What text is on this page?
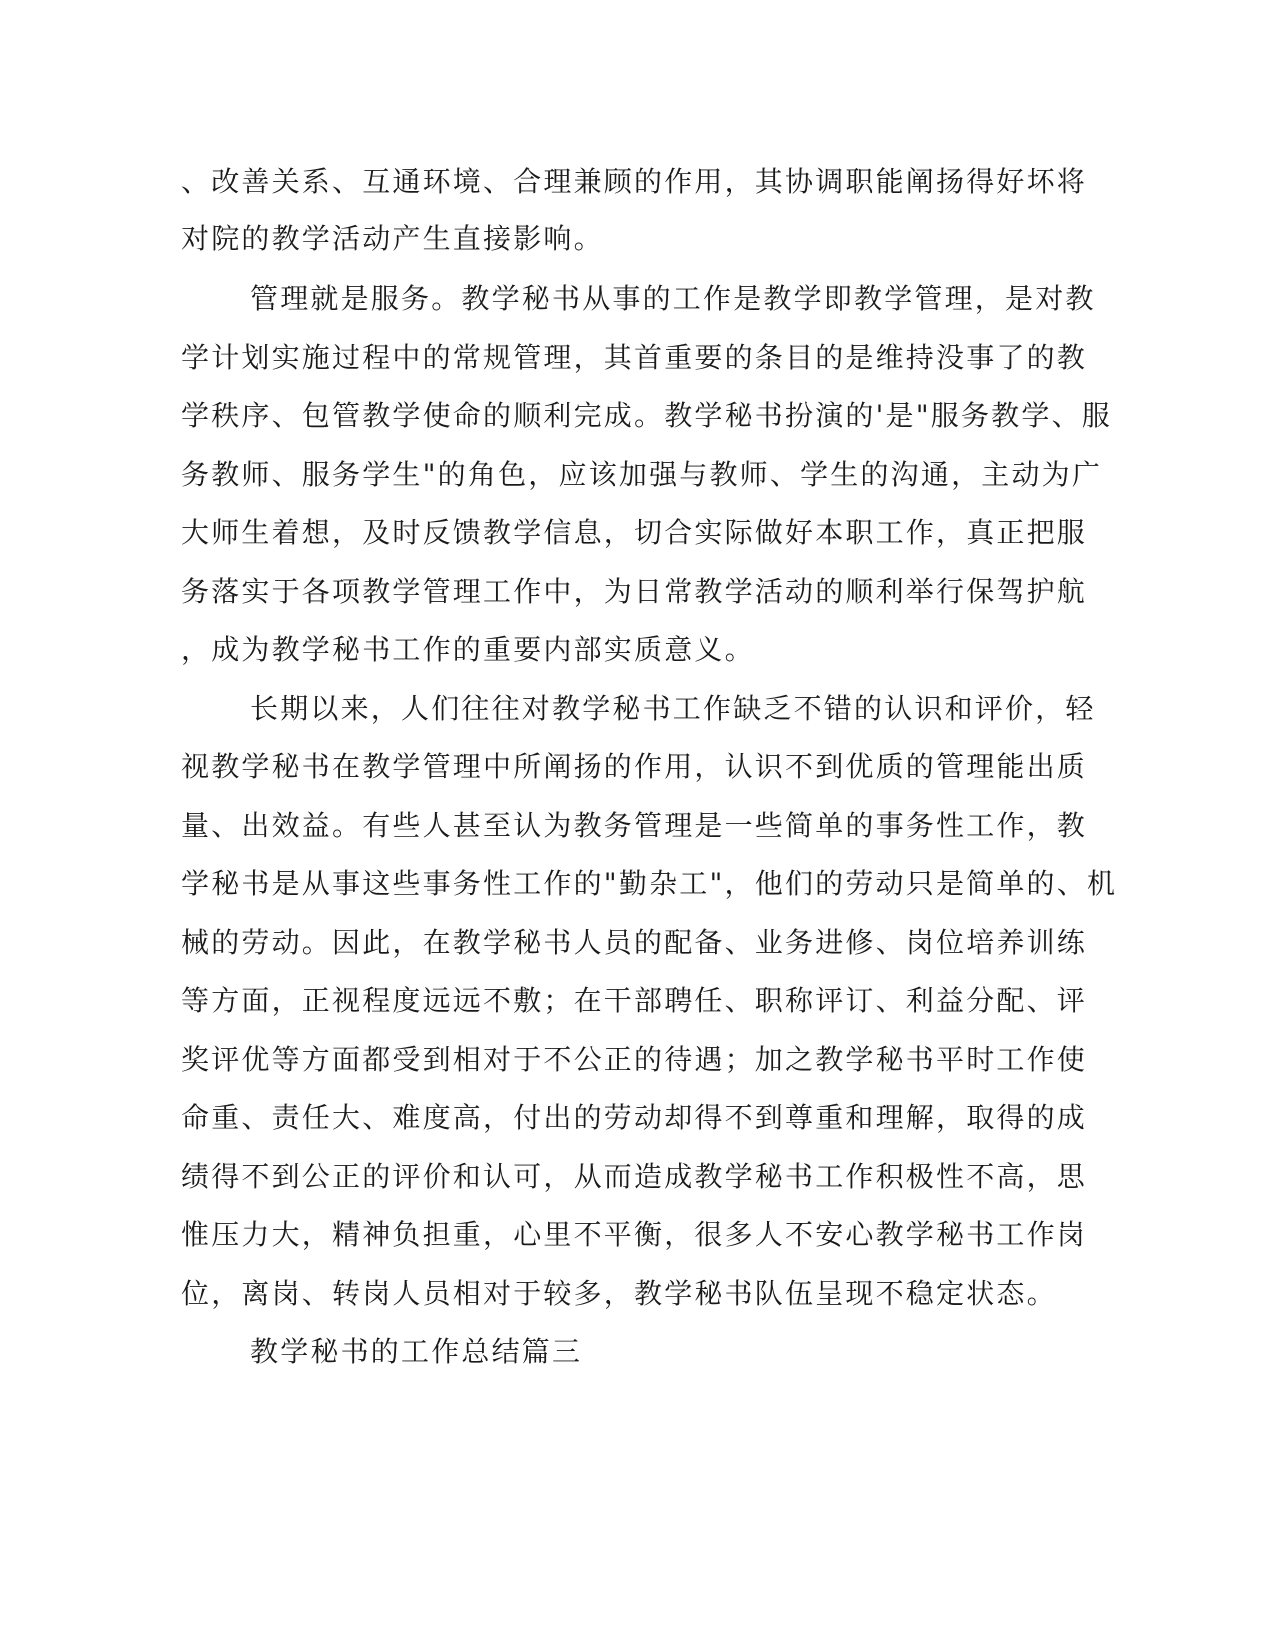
、改善关系、互通环境、合理兼顾的作用，其协调职能阐扬得好坏将
对院的教学活动产生直接影响。
管理就是服务。教学秘书从事的工作是教学即教学管理，是对教
学计划实施过程中的常规管理，其首重要的条目的是维持没事了的教
学秩序、包管教学使命的顺利完成。教学秘书扮演的'是"服务教学、服
务教师、服务学生"的角色，应该加强与教师、学生的沟通，主动为广
大师生着想，及时反馈教学信息，切合实际做好本职工作，真正把服
务落实于各项教学管理工作中，为日常教学活动的顺利举行保驾护航
，成为教学秘书工作的重要内部实质意义。
长期以来，人们往往对教学秘书工作缺乏不错的认识和评价，轻
视教学秘书在教学管理中所阐扬的作用，认识不到优质的管理能出质
量、出效益。有些人甚至认为教务管理是一些简单的事务性工作，教
学秘书是从事这些事务性工作的"勤杂工"，他们的劳动只是简单的、机
械的劳动。因此，在教学秘书人员的配备、业务进修、岗位培养训练
等方面，正视程度远远不敷；在干部聘任、职称评订、利益分配、评
奖评优等方面都受到相对于不公正的待遇；加之教学秘书平时工作使
命重、责任大、难度高，付出的劳动却得不到尊重和理解，取得的成
绩得不到公正的评价和认可，从而造成教学秘书工作积极性不高，思
惟压力大，精神负担重，心里不平衡，很多人不安心教学秘书工作岗
位，离岗、转岗人员相对于较多，教学秘书队伍呈现不稳定状态。
教学秘书的工作总结篇三
